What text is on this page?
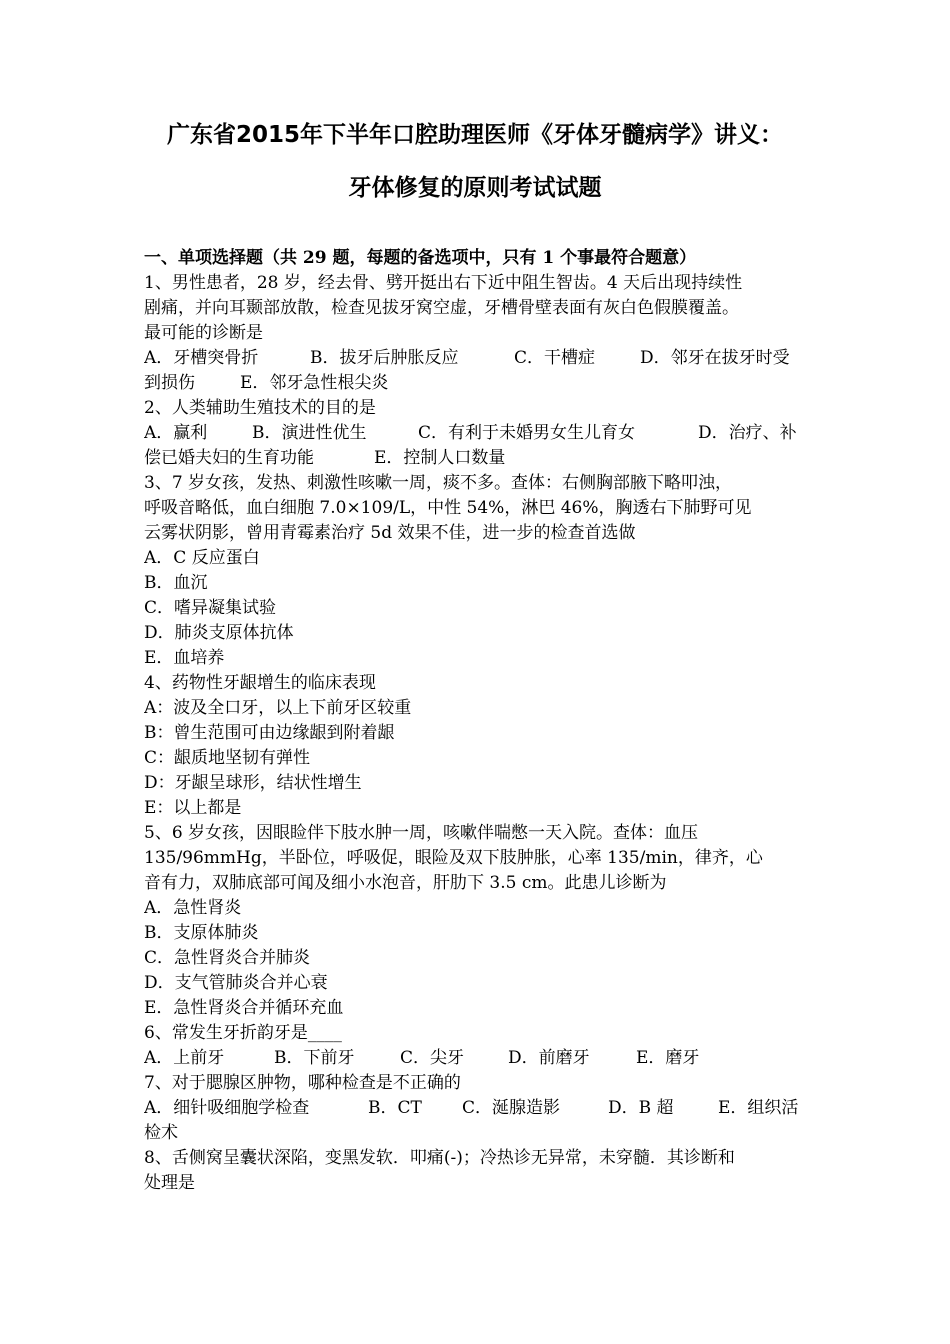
广东省2015年下半年口腔助理医师《牙体牙髓病学》讲义：
牙体修复的原则考试试题
一、单项选择题（共 29 题，每题的备选项中，只有 1 个事最符合题意）
1、男性患者，28 岁，经去骨、劈开挺出右下近中阻生智齿。4 天后出现持续性
剧痛，并向耳颞部放散，检查见拔牙窝空虚，牙槽骨壁表面有灰白色假膜覆盖。
最可能的诊断是
A．牙槽突骨折	B．拔牙后肿胀反应	C．干槽症	D．邻牙在拔牙时受
到损伤	E．邻牙急性根尖炎
2、人类辅助生殖技术的目的是
A．赢利	B．演进性优生	C．有利于未婚男女生儿育女	D．治疗、补
偿已婚夫妇的生育功能	E．控制人口数量
3、7 岁女孩，发热、刺激性咳嗽一周，痰不多。查体：右侧胸部腋下略叩浊，
呼吸音略低，血白细胞 7.0×109/L，中性 54%，淋巴 46%，胸透右下肺野可见
云雾状阴影，曾用青霉素治疗 5d 效果不佳，进一步的检查首选做
A．C 反应蛋白
B．血沉
C．嗜异凝集试验
D．肺炎支原体抗体
E．血培养
4、药物性牙龈增生的临床表现
A：波及全口牙，以上下前牙区较重
B：曾生范围可由边缘龈到附着龈
C：龈质地坚韧有弹性
D：牙龈呈球形，结状性增生
E：以上都是
5、6 岁女孩，因眼睑伴下肢水肿一周，咳嗽伴喘憋一天入院。查体：血压
135/96mmHg，半卧位，呼吸促，眼险及双下肢肿胀，心率 135/min，律齐，心
音有力，双肺底部可闻及细小水泡音，肝肋下 3.5 cm。此患儿诊断为
A．急性肾炎
B．支原体肺炎
C．急性肾炎合并肺炎
D．支气管肺炎合并心衰
E．急性肾炎合并循环充血
6、常发生牙折韵牙是____
A．上前牙	B．下前牙	C．尖牙	D．前磨牙	E．磨牙
7、对于腮腺区肿物，哪种检查是不正确的
A．细针吸细胞学检查	B．CT C．涎腺造影	D．B 超	E．组织活
检术
8、舌侧窝呈囊状深陷，变黑发软．叩痛(-)；冷热诊无异常，未穿髓．其诊断和
处理是
